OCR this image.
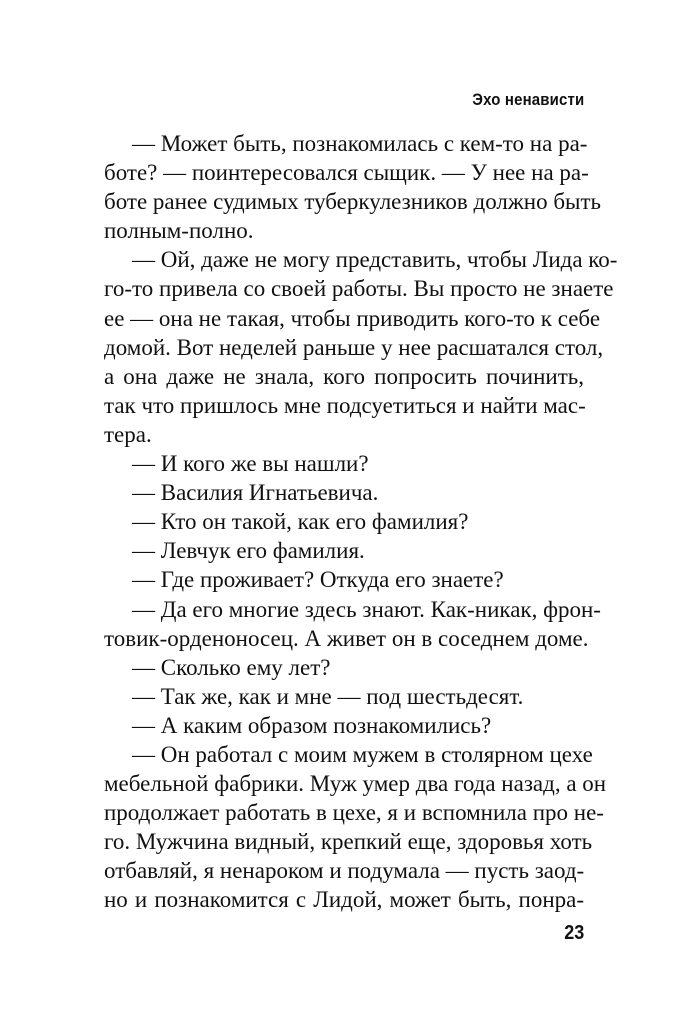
Эхо ненависти
— Может быть, познакомилась с кем-то на ра-
боте? — поинтересовался сыщик. — У нее на ра-
боте ранее судимых туберкулезников должно быть
полным-полно.
— Ой, даже не могу представить, чтобы Лида ко-
го-то привела со своей работы. Вы просто не знаете
ее — она не такая, чтобы приводить кого-то к себе
домой. Вот неделей раньше у нее расшатался стол,
а она даже не знала, кого попросить починить,
так что пришлось мне подсуетиться и найти мас-
тера.
— И кого же вы нашли?
— Василия Игнатьевича.
— Кто он такой, как его фамилия?
— Левчук его фамилия.
— Где проживает? Откуда его знаете?
— Да его многие здесь знают. Как-никак, фрон-
товик-орденоносец. А живет он в соседнем доме.
— Сколько ему лет?
— Так же, как и мне — под шестьдесят.
— А каким образом познакомились?
— Он работал с моим мужем в столярном цехе
мебельной фабрики. Муж умер два года назад, а он
продолжает работать в цехе, я и вспомнила про не-
го. Мужчина видный, крепкий еще, здоровья хоть
отбавляй, я ненароком и подумала — пусть заод-
но и познакомится с Лидой, может быть, понра-
23
